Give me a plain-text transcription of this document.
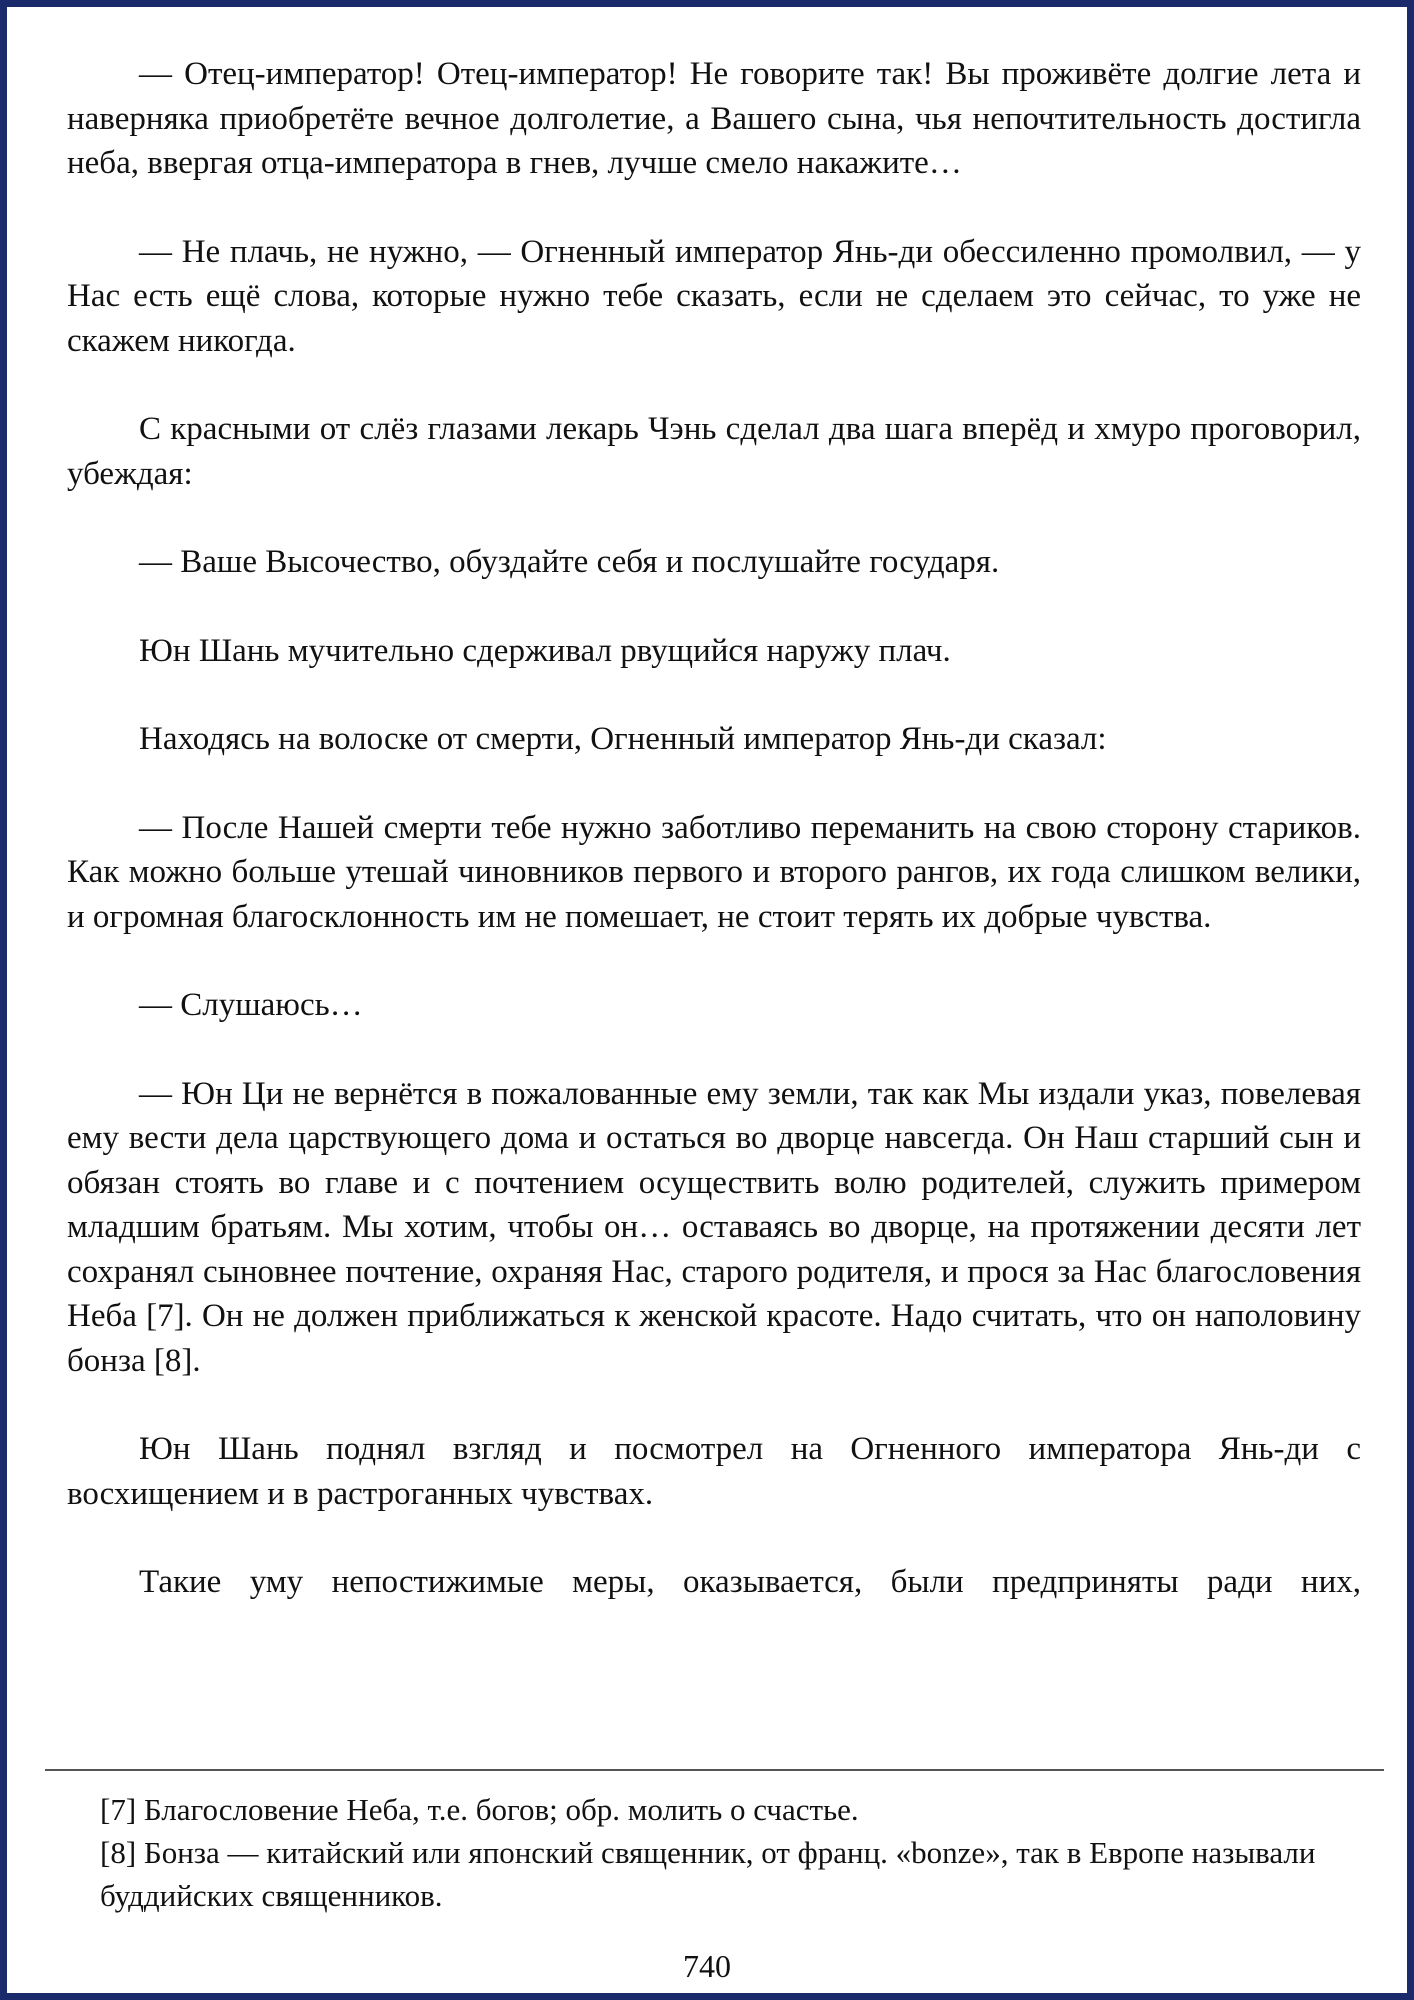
— Отец-император! Отец-император! Не говорите так! Вы проживёте долгие лета и наверняка приобретёте вечное долголетие, а Вашего сына, чья непочтительность достигла неба, ввергая отца-императора в гнев, лучше смело накажите…

— Не плачь, не нужно, — Огненный император Янь-ди обессиленно промолвил, — у Нас есть ещё слова, которые нужно тебе сказать, если не сделаем это сейчас, то уже не скажем никогда.

С красными от слёз глазами лекарь Чэнь сделал два шага вперёд и хмуро проговорил, убеждая:

— Ваше Высочество, обуздайте себя и послушайте государя.

Юн Шань мучительно сдерживал рвущийся наружу плач.

Находясь на волоске от смерти, Огненный император Янь-ди сказал:

— После Нашей смерти тебе нужно заботливо переманить на свою сторону стариков. Как можно больше утешай чиновников первого и второго рангов, их года слишком велики, и огромная благосклонность им не помешает, не стоит терять их добрые чувства.

— Слушаюсь…

— Юн Ци не вернётся в пожалованные ему земли, так как Мы издали указ, повелевая ему вести дела царствующего дома и остаться во дворце навсегда. Он Наш старший сын и обязан стоять во главе и с почтением осуществить волю родителей, служить примером младшим братьям. Мы хотим, чтобы он… оставаясь во дворце, на протяжении десяти лет сохранял сыновнее почтение, охраняя Нас, старого родителя, и прося за Нас благословения Неба [7]. Он не должен приближаться к женской красоте. Надо считать, что он наполовину бонза [8].

Юн Шань поднял взгляд и посмотрел на Огненного императора Янь-ди с восхищением и в растроганных чувствах.

Такие уму непостижимые меры, оказывается, были предприняты ради них,

[7] Благословение Неба, т.е. богов; обр. молить о счастье.

[8] Бонза — китайский или японский священник, от франц. «bonze», так в Европе называли буддийских священников.

740
